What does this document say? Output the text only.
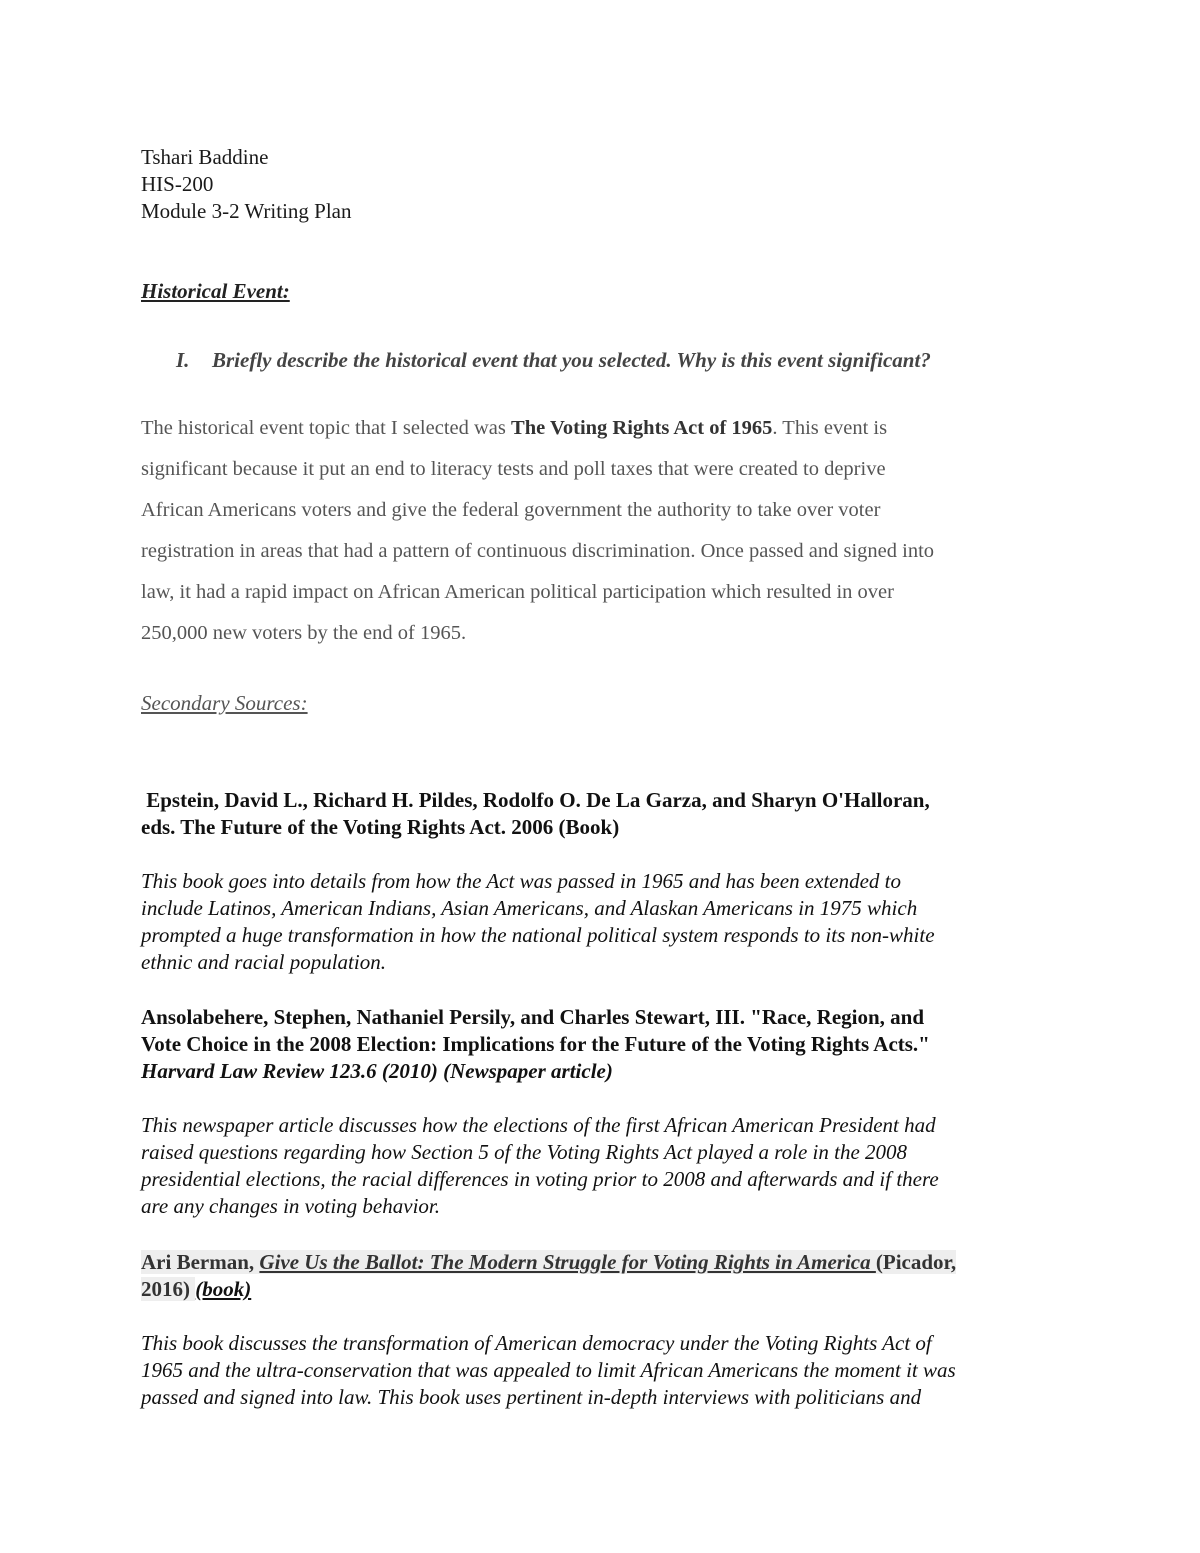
Tshari Baddine
HIS-200
Module 3-2 Writing Plan
Historical Event:
I. Briefly describe the historical event that you selected. Why is this event significant?
The historical event topic that I selected was The Voting Rights Act of 1965. This event is
significant because it put an end to literacy tests and poll taxes that were created to deprive
African Americans voters and give the federal government the authority to take over voter
registration in areas that had a pattern of continuous discrimination. Once passed and signed into
law, it had a rapid impact on African American political participation which resulted in over
250,000 new voters by the end of 1965.
Secondary Sources:
Epstein, David L., Richard H. Pildes, Rodolfo O. De La Garza, and Sharyn O'Halloran,
eds. The Future of the Voting Rights Act. 2006 (Book)
This book goes into details from how the Act was passed in 1965 and has been extended to
include Latinos, American Indians, Asian Americans, and Alaskan Americans in 1975 which
prompted a huge transformation in how the national political system responds to its non-white
ethnic and racial population.
Ansolabehere, Stephen, Nathaniel Persily, and Charles Stewart, III. "Race, Region, and
Vote Choice in the 2008 Election: Implications for the Future of the Voting Rights Acts."
Harvard Law Review 123.6 (2010) (Newspaper article)
This newspaper article discusses how the elections of the first African American President had
raised questions regarding how Section 5 of the Voting Rights Act played a role in the 2008
presidential elections, the racial differences in voting prior to 2008 and afterwards and if there
are any changes in voting behavior.
Ari Berman, Give Us the Ballot: The Modern Struggle for Voting Rights in America (Picador,
2016) (book)
This book discusses the transformation of American democracy under the Voting Rights Act of
1965 and the ultra-conservation that was appealed to limit African Americans the moment it was
passed and signed into law. This book uses pertinent in-depth interviews with politicians and
